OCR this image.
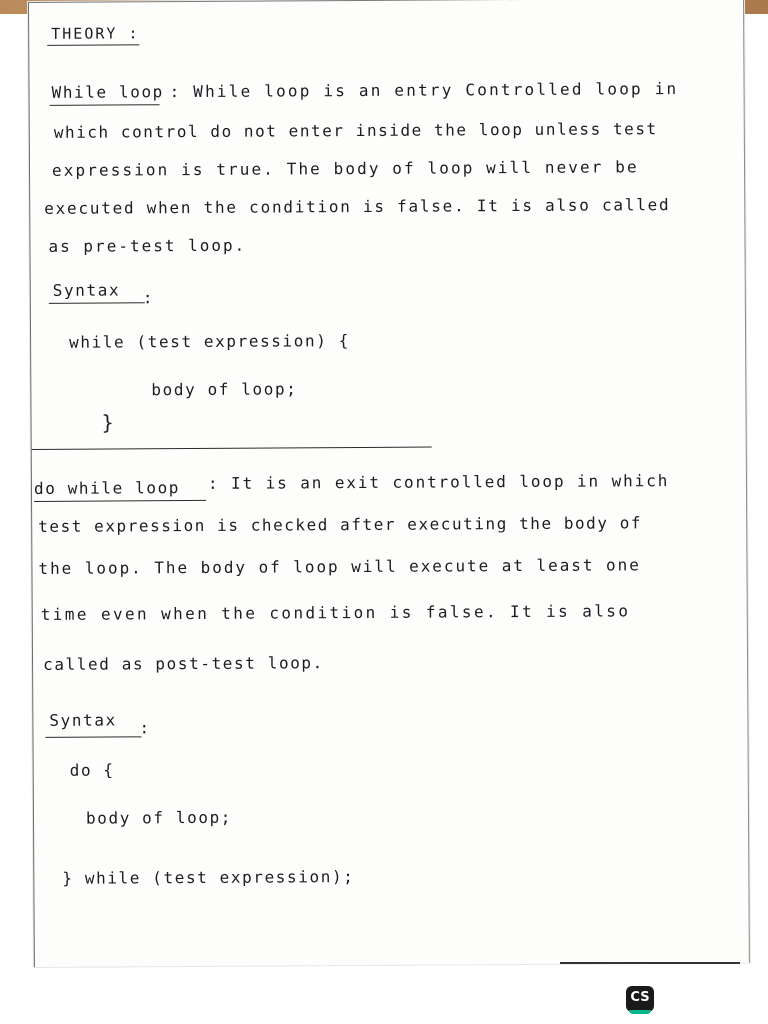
THEORY :
While loop : While loop is an entry Controlled loop in
which control do not enter inside the loop unless test
expression is true. The body of loop will never be
executed when the condition is false. It is also called
as pre-test loop.
Syntax :
while (test expression) {
body of loop;
}
do while loop : It is an exit controlled loop in which
test expression is checked after executing the body of
the loop. The body of loop will execute at least one
time even when the condition is false. It is also
called as post-test loop.
Syntax :
do {
body of loop;
} while (test expression);
CS
